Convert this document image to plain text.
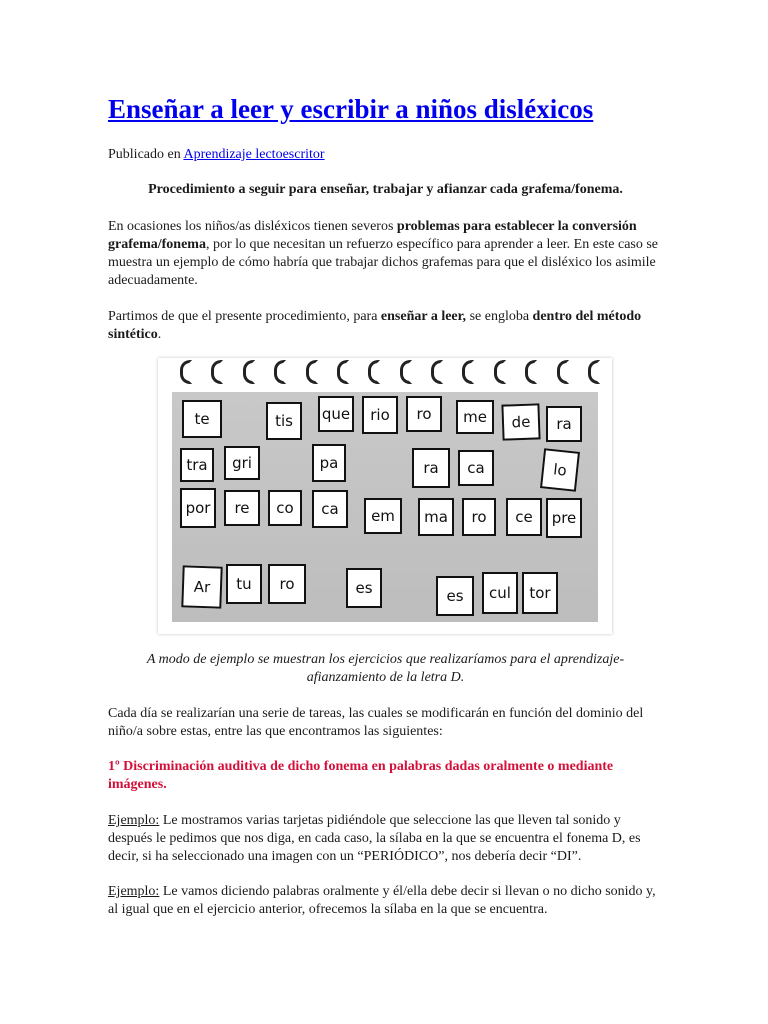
Enseñar a leer y escribir a niños disléxicos
Publicado en Aprendizaje lectoescritor
Procedimiento a seguir para enseñar, trabajar y afianzar cada grafema/fonema.

En ocasiones los niños/as disléxicos tienen severos problemas para establecer la conversión grafema/fonema, por lo que necesitan un refuerzo específico para aprender a leer. En este caso se muestra un ejemplo de cómo habría que trabajar dichos grafemas para que el disléxico los asimile adecuadamente.

Partimos de que el presente procedimiento, para enseñar a leer, se engloba dentro del método sintético.

te	tis	que	rio	ro	me	de	ra
tra	gri	pa	ra	ca	lo
por	re	co	ca	em	ma	ro	ce	pre
Ar	tu	ro	es	es	cul	tor
A modo de ejemplo se muestran los ejercicios que realizaríamos para el aprendizaje-afianzamiento de la letra D.

Cada día se realizarían una serie de tareas, las cuales se modificarán en función del dominio del niño/a sobre estas, entre las que encontramos las siguientes:

1º Discriminación auditiva de dicho fonema en palabras dadas oralmente o mediante imágenes.

Ejemplo: Le mostramos varias tarjetas pidiéndole que seleccione las que lleven tal sonido y después le pedimos que nos diga, en cada caso, la sílaba en la que se encuentra el fonema D, es decir, si ha seleccionado una imagen con un “PERIÓDICO”, nos debería decir “DI”.

Ejemplo: Le vamos diciendo palabras oralmente y él/ella debe decir si llevan o no dicho sonido y, al igual que en el ejercicio anterior, ofrecemos la sílaba en la que se encuentra.
